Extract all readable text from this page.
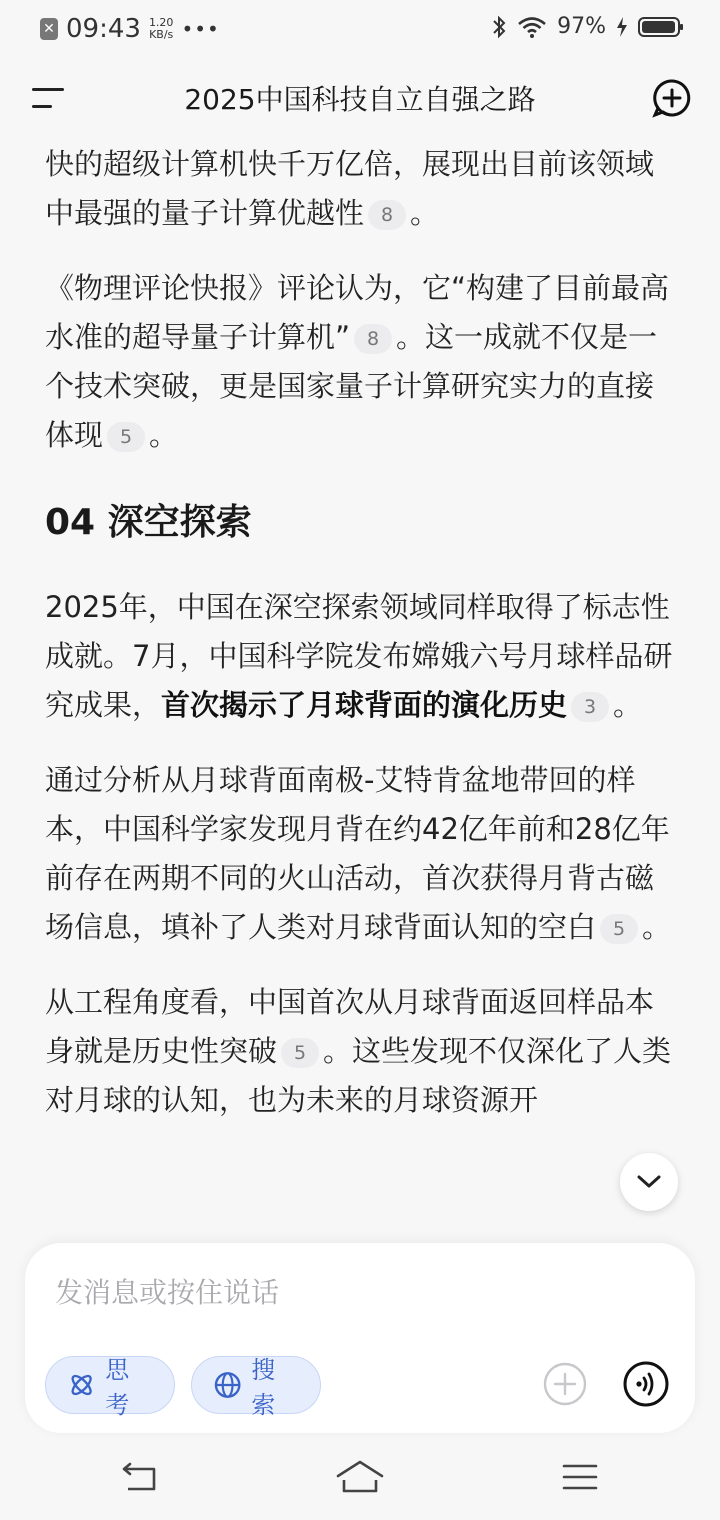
✕ 09:43 1.20
KB/s •••	97%
2025中国科技自立自强之路

快的超级计算机快千万亿倍，展现出目前该领域中最强的量子计算优越性 8 。

《物理评论快报》评论认为，它“构建了目前最高水准的超导量子计算机” 8 。这一成就不仅是一个技术突破，更是国家量子计算研究实力的直接体现 5 。

04 深空探索

2025年，中国在深空探索领域同样取得了标志性成就。7月，中国科学院发布嫦娥六号月球样品研究成果，首次揭示了月球背面的演化历史 3 。

通过分析从月球背面南极-艾特肯盆地带回的样本，中国科学家发现月背在约42亿年前和28亿年前存在两期不同的火山活动，首次获得月背古磁场信息，填补了人类对月球背面认知的空白 5 。

从工程角度看，中国首次从月球背面返回样品本身就是历史性突破 5 。这些发现不仅深化了人类对月球的认知，也为未来的月球资源开

发消息或按住说话
思考
搜索
